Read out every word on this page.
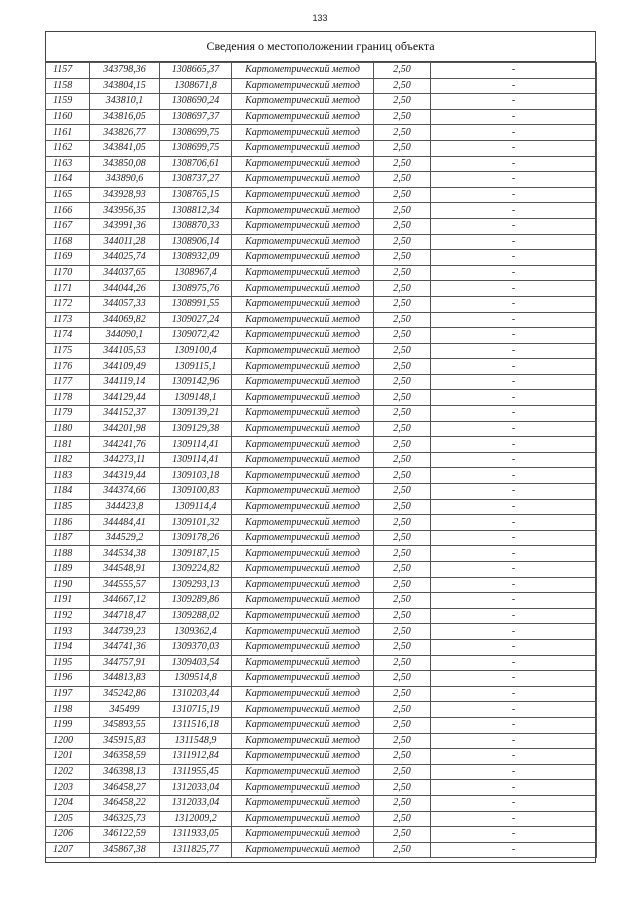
133
Сведения о местоположении границ объекта
1157	343798,36	1308665,37	Картометрический метод	2,50	-
1158	343804,15	1308671,8	Картометрический метод	2,50	-
1159	343810,1	1308690,24	Картометрический метод	2,50	-
1160	343816,05	1308697,37	Картометрический метод	2,50	-
1161	343826,77	1308699,75	Картометрический метод	2,50	-
1162	343841,05	1308699,75	Картометрический метод	2,50	-
1163	343850,08	1308706,61	Картометрический метод	2,50	-
1164	343890,6	1308737,27	Картометрический метод	2,50	-
1165	343928,93	1308765,15	Картометрический метод	2,50	-
1166	343956,35	1308812,34	Картометрический метод	2,50	-
1167	343991,36	1308870,33	Картометрический метод	2,50	-
1168	344011,28	1308906,14	Картометрический метод	2,50	-
1169	344025,74	1308932,09	Картометрический метод	2,50	-
1170	344037,65	1308967,4	Картометрический метод	2,50	-
1171	344044,26	1308975,76	Картометрический метод	2,50	-
1172	344057,33	1308991,55	Картометрический метод	2,50	-
1173	344069,82	1309027,24	Картометрический метод	2,50	-
1174	344090,1	1309072,42	Картометрический метод	2,50	-
1175	344105,53	1309100,4	Картометрический метод	2,50	-
1176	344109,49	1309115,1	Картометрический метод	2,50	-
1177	344119,14	1309142,96	Картометрический метод	2,50	-
1178	344129,44	1309148,1	Картометрический метод	2,50	-
1179	344152,37	1309139,21	Картометрический метод	2,50	-
1180	344201,98	1309129,38	Картометрический метод	2,50	-
1181	344241,76	1309114,41	Картометрический метод	2,50	-
1182	344273,11	1309114,41	Картометрический метод	2,50	-
1183	344319,44	1309103,18	Картометрический метод	2,50	-
1184	344374,66	1309100,83	Картометрический метод	2,50	-
1185	344423,8	1309114,4	Картометрический метод	2,50	-
1186	344484,41	1309101,32	Картометрический метод	2,50	-
1187	344529,2	1309178,26	Картометрический метод	2,50	-
1188	344534,38	1309187,15	Картометрический метод	2,50	-
1189	344548,91	1309224,82	Картометрический метод	2,50	-
1190	344555,57	1309293,13	Картометрический метод	2,50	-
1191	344667,12	1309289,86	Картометрический метод	2,50	-
1192	344718,47	1309288,02	Картометрический метод	2,50	-
1193	344739,23	1309362,4	Картометрический метод	2,50	-
1194	344741,36	1309370,03	Картометрический метод	2,50	-
1195	344757,91	1309403,54	Картометрический метод	2,50	-
1196	344813,83	1309514,8	Картометрический метод	2,50	-
1197	345242,86	1310203,44	Картометрический метод	2,50	-
1198	345499	1310715,19	Картометрический метод	2,50	-
1199	345893,55	1311516,18	Картометрический метод	2,50	-
1200	345915,83	1311548,9	Картометрический метод	2,50	-
1201	346358,59	1311912,84	Картометрический метод	2,50	-
1202	346398,13	1311955,45	Картометрический метод	2,50	-
1203	346458,27	1312033,04	Картометрический метод	2,50	-
1204	346458,22	1312033,04	Картометрический метод	2,50	-
1205	346325,73	1312009,2	Картометрический метод	2,50	-
1206	346122,59	1311933,05	Картометрический метод	2,50	-
1207	345867,38	1311825,77	Картометрический метод	2,50	-
